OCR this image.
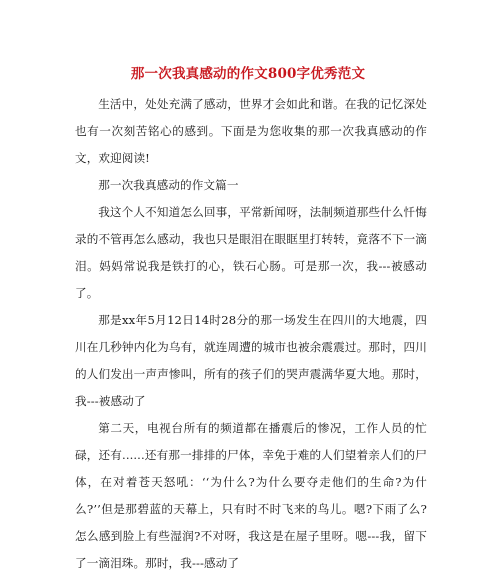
那一次我真感动的作文800字优秀范文

生活中，处处充满了感动，世界才会如此和谐。在我的记忆深处也有一次刻苦铭心的感到。下面是为您收集的那一次我真感动的作文，欢迎阅读!

那一次我真感动的作文篇一

我这个人不知道怎么回事，平常新闻呀，法制频道那些什么忏悔录的不管再怎么感动，我也只是眼泪在眼眶里打转转，竟落不下一滴泪。妈妈常说我是铁打的心，铁石心肠。可是那一次，我---被感动了。

那是xx年5月12日14时28分的那一场发生在四川的大地震，四川在几秒钟内化为乌有，就连周遭的城市也被余震震过。那时，四川的人们发出一声声惨叫，所有的孩子们的哭声震满华夏大地。那时，我---被感动了

第二天，电视台所有的频道都在播震后的惨况，工作人员的忙碌，还有......还有那一排排的尸体，幸免于难的人们望着亲人们的尸体，在对着苍天怒吼：‘‘为什么?为什么要夺走他们的生命?为什么?’’但是那碧蓝的天幕上，只有时不时飞来的鸟儿。嗯?下雨了么?怎么感到脸上有些湿润?不对呀，我这是在屋子里呀。嗯---我，留下了一滴泪珠。那时，我---感动了
